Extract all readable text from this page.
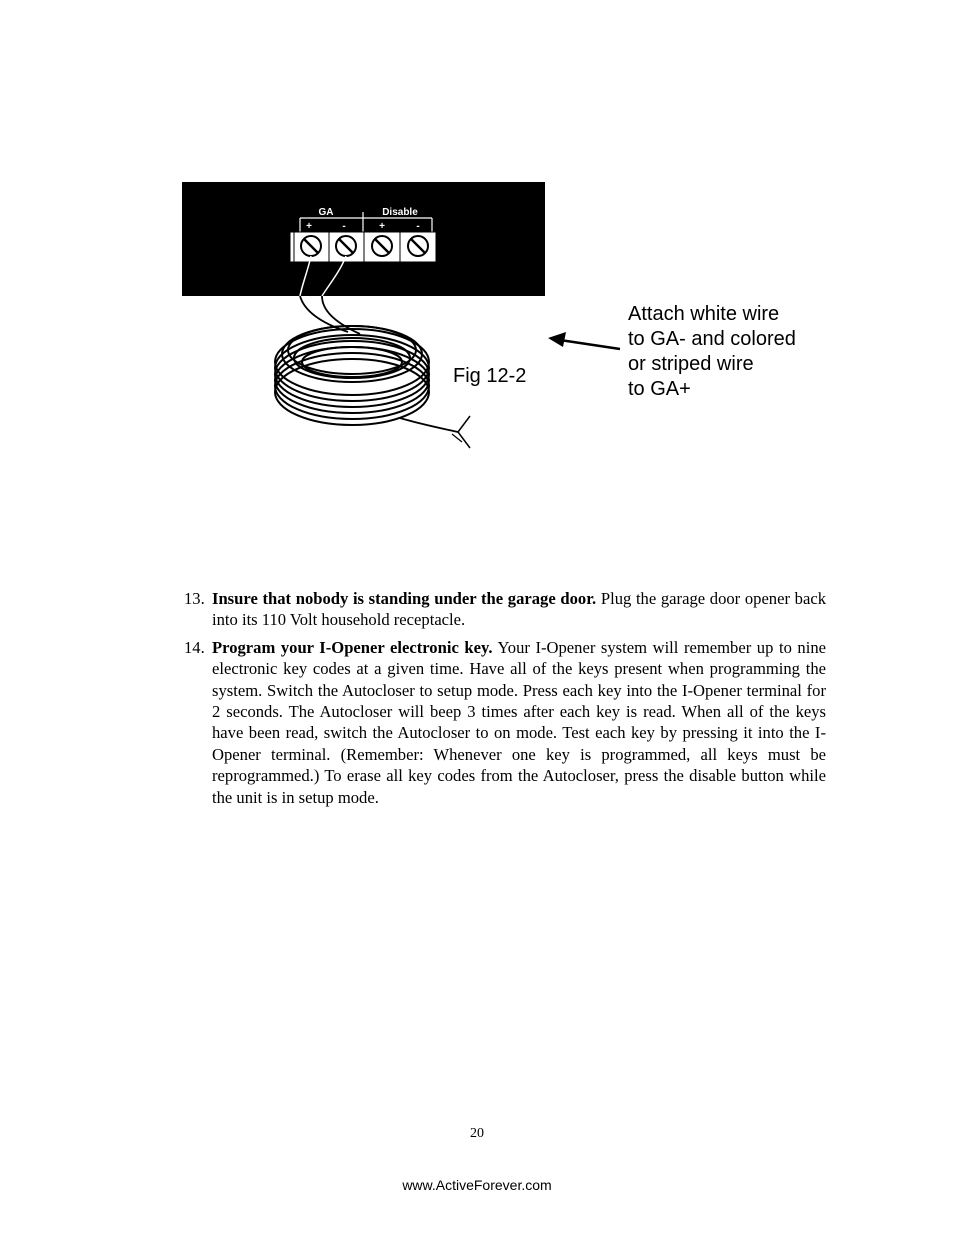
GA	Disable
+	-	+	-

Attach white wire
to GA- and colored
or striped wire
to GA+

Fig 12-2

13. Insure that nobody is standing under the garage door. Plug the garage door opener back into its 110 Volt household receptacle.
14. Program your I-Opener electronic key. Your I-Opener system will remember up to nine electronic key codes at a given time. Have all of the keys present when programming the system. Switch the Autocloser to setup mode. Press each key into the I-Opener terminal for 2 seconds. The Autocloser will beep 3 times after each key is read. When all of the keys have been read, switch the Autocloser to on mode. Test each key by pressing it into the I-Opener terminal. (Remember: Whenever one key is programmed, all keys must be reprogrammed.) To erase all key codes from the Autocloser, press the disable button while the unit is in setup mode.

20

www.ActiveForever.com
